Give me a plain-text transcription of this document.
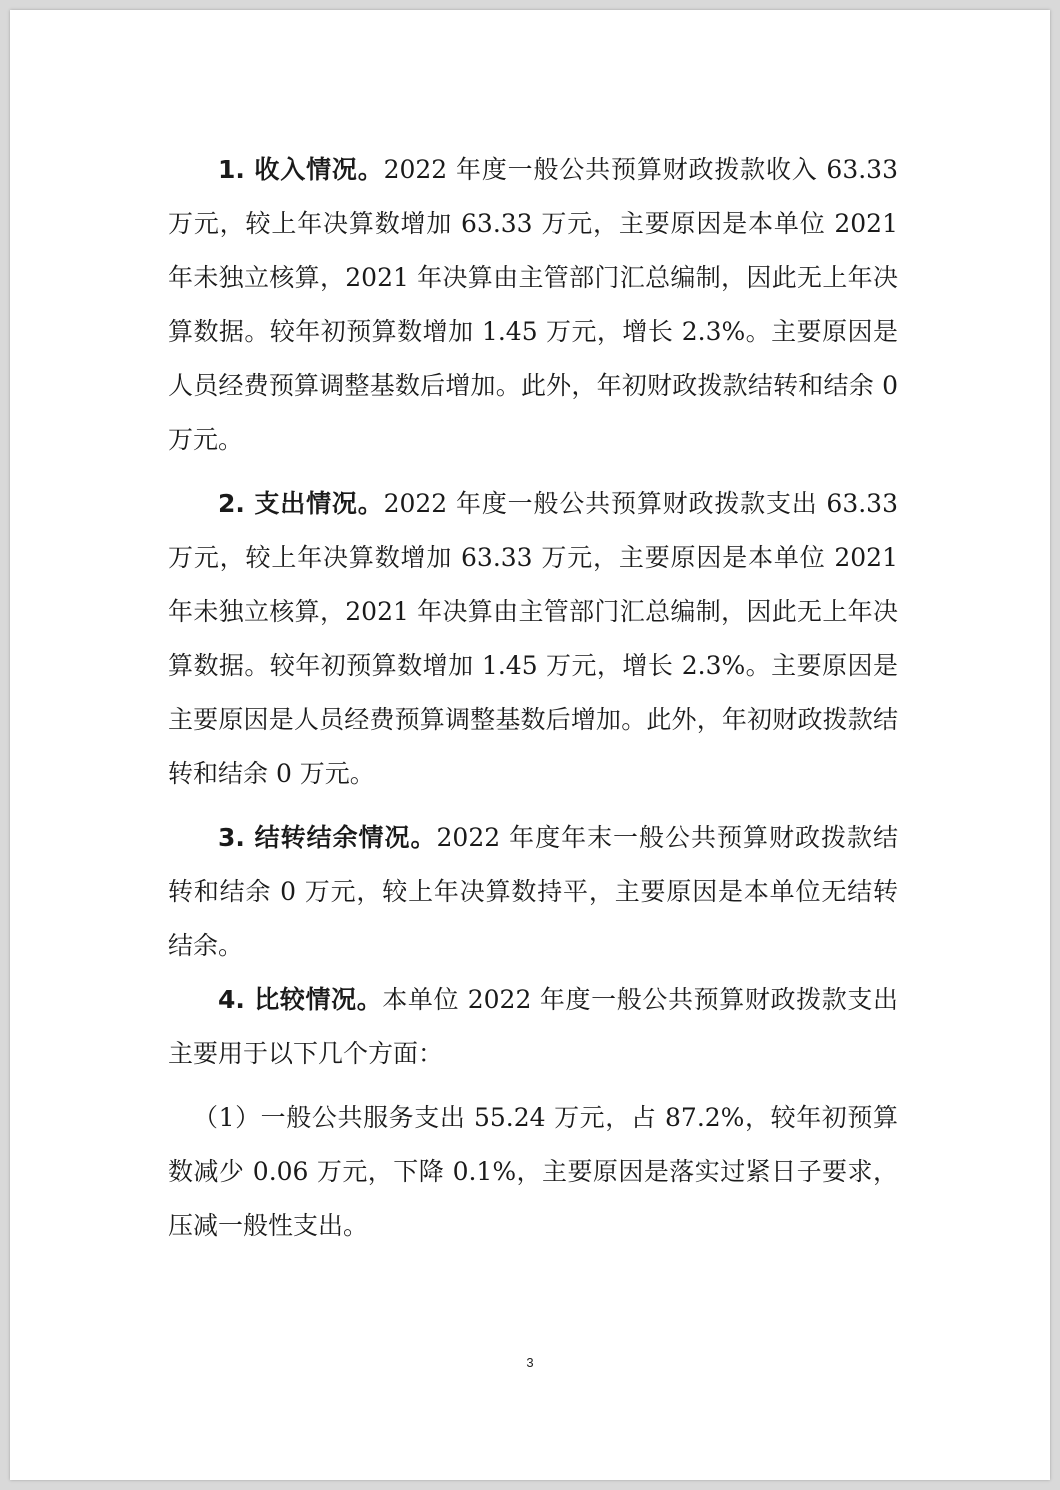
1. 收入情况。2022 年度一般公共预算财政拨款收入 63.33 万元，较上年决算数增加 63.33 万元，主要原因是本单位 2021 年未独立核算，2021 年决算由主管部门汇总编制，因此无上年决算数据。较年初预算数增加 1.45 万元，增长 2.3%。主要原因是人员经费预算调整基数后增加。此外，年初财政拨款结转和结余 0 万元。

2. 支出情况。2022 年度一般公共预算财政拨款支出 63.33 万元，较上年决算数增加 63.33 万元，主要原因是本单位 2021 年未独立核算，2021 年决算由主管部门汇总编制，因此无上年决算数据。较年初预算数增加 1.45 万元，增长 2.3%。主要原因是主要原因是人员经费预算调整基数后增加。此外，年初财政拨款结转和结余 0 万元。

3. 结转结余情况。2022 年度年末一般公共预算财政拨款结转和结余 0 万元，较上年决算数持平，主要原因是本单位无结转结余。

4. 比较情况。本单位 2022 年度一般公共预算财政拨款支出主要用于以下几个方面：

（1）一般公共服务支出 55.24 万元，占 87.2%，较年初预算数减少 0.06 万元，下降 0.1%，主要原因是落实过紧日子要求，压减一般性支出。

3
